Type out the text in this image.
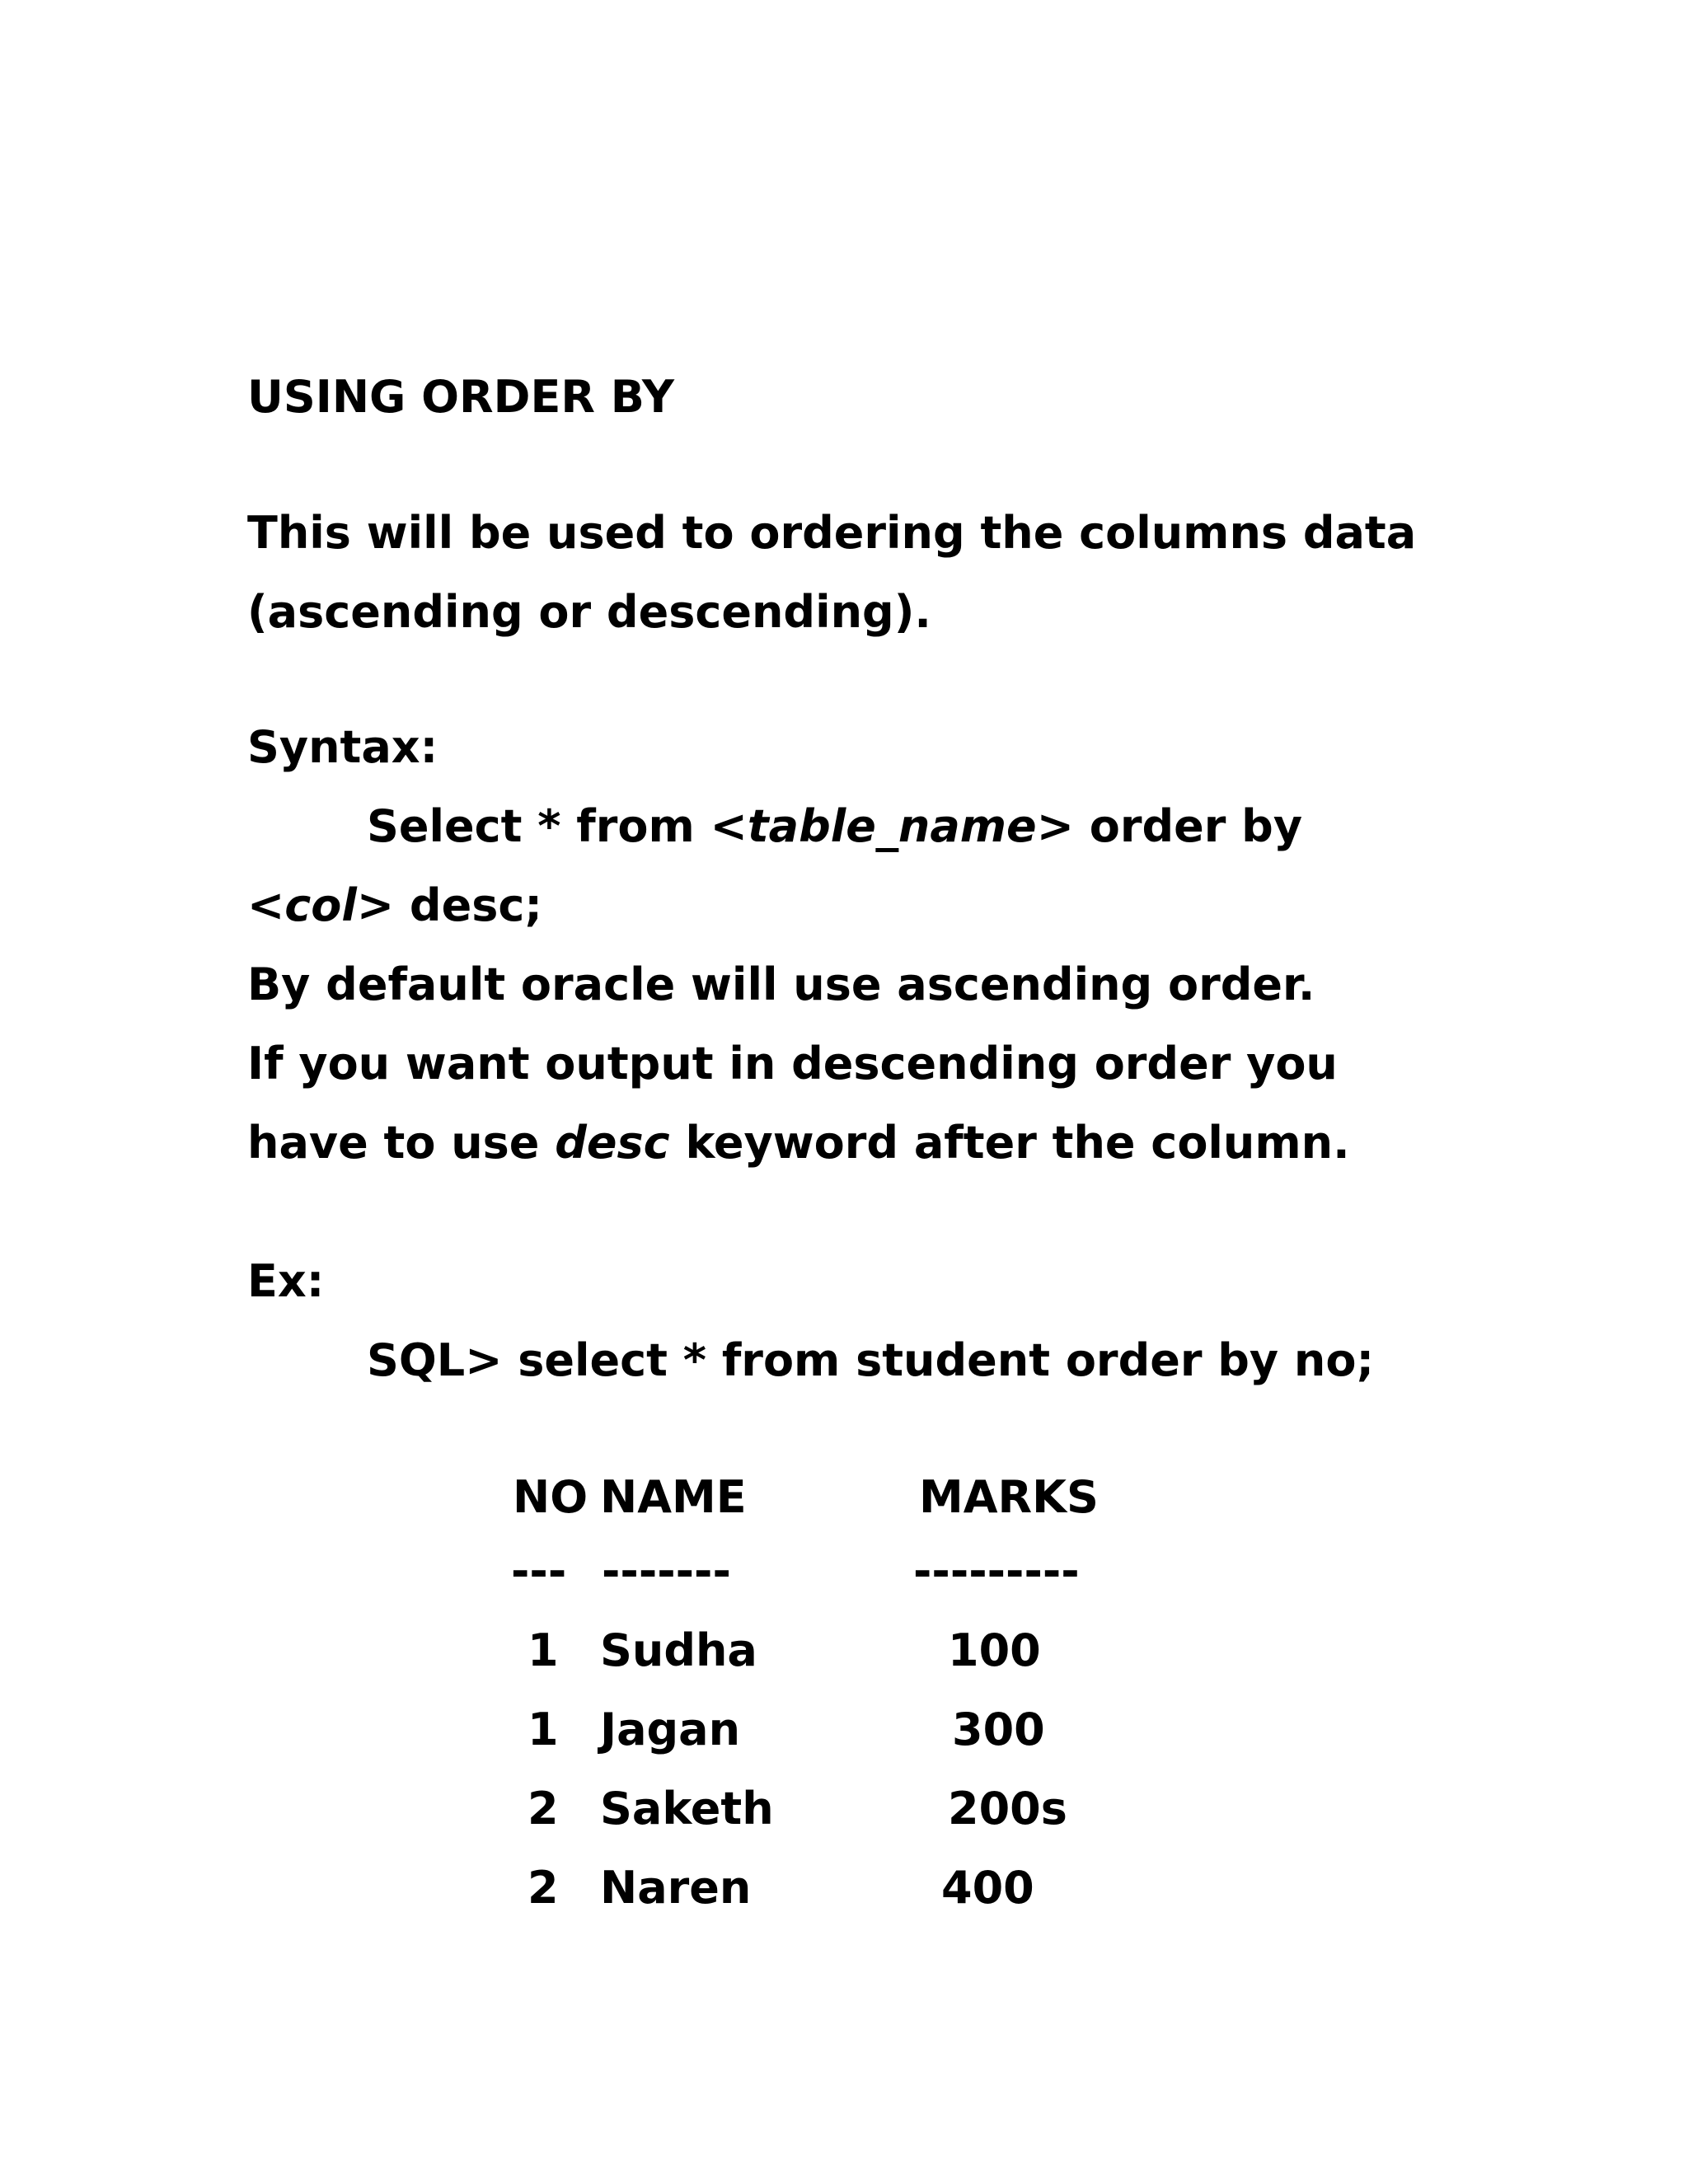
USING ORDER BY
This will be used to ordering the columns data
(ascending or descending).
Syntax:
Select * from <table_name> order by
<col> desc;
By default oracle will use ascending order.
If you want output in descending order you
have to use desc keyword after the column.
Ex:
SQL> select * from student order by no;
NO NAME	MARKS
--- -------	---------
1 Sudha	100
1 Jagan	300
2 Saketh	200s
2 Naren	400
